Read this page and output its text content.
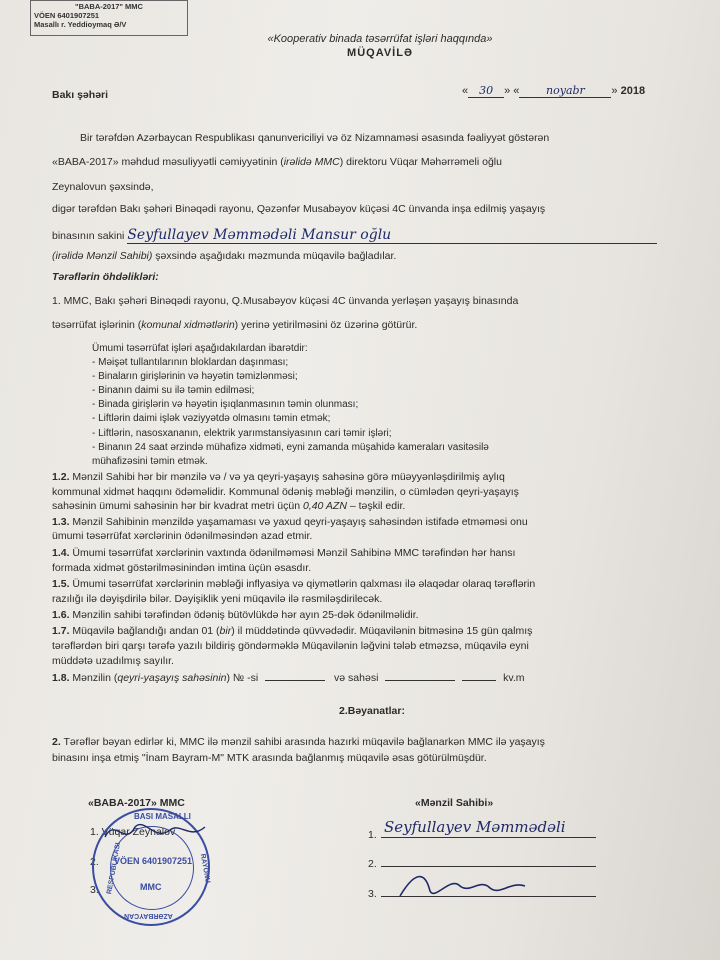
"BABA-2017" MMC
VÖEN 6401907251
Masallı r. Yeddioymaq Ə/V
«Kooperativ binada təsərrüfat işləri haqqında»
MÜQAVİLƏ
Bakı şəhəri	« 30 » « noyabr » 2018
Bir tərəfdən Azərbaycan Respublikası qanunvericiliyi və öz Nizamnaməsi əsasında fəaliyyət göstərən
«BABA-2017» məhdud məsuliyyətli cəmiyyətinin (irəlidə MMC) direktoru Vüqar Məhərrəmeli oğlu
Zeynalovun şəxsində,
digər tərəfdən Bakı şəhəri Binəqədi rayonu, Qəzənfər Musabəyov küçəsi 4C ünvanda inşa edilmiş yaşayış
binasının sakini Seyfullayev Məmmədəli Mansur oğlu
(irəlidə Mənzil Sahibi) şəxsində aşağıdakı məzmunda müqavilə bağladılar.
Tərəflərin öhdəlikləri:
1. MMC, Bakı şəhəri Binəqədi rayonu, Q.Musabəyov küçəsi 4C ünvanda yerləşən yaşayış binasında
təsərrüfat işlərinin (komunal xidmətlərin) yerinə yetirilməsini öz üzərinə götürür.
Ümumi təsərrüfat işləri aşağıdakılardan ibarətdir:
- Məişət tullantılarının bloklardan daşınması;
- Binaların girişlərinin və həyətin təmizlənməsi;
- Binanın daimi su ilə təmin edilməsi;
- Binada girişlərin və həyətin işıqlanmasının təmin olunması;
- Liftlərin daimi işlək vəziyyətdə olmasını təmin etmək;
- Liftlərin, nasosxananın, elektrik yarımstansiyasının cari təmir işləri;
- Binanın 24 saat ərzində mühafizə xidməti, eyni zamanda müşahidə kameraları vasitəsilə
mühafizəsini təmin etmək.
1.2. Mənzil Sahibi hər bir mənzilə və / və ya qeyri-yaşayış sahəsinə görə müəyyənləşdirilmiş aylıq
kommunal xidmət haqqını ödəməlidir. Kommunal ödəniş məbləği mənzilin, o cümlədən qeyri-yaşayış
sahəsinin ümumi sahəsinin hər bir kvadrat metri üçün 0,40 AZN – təşkil edir.
1.3. Mənzil Sahibinin mənzildə yaşamaması və yaxud qeyri-yaşayış sahəsindən istifadə etməməsi onu
ümumi təsərrüfat xərclərinin ödənilməsindən azad etmir.
1.4. Ümumi təsərrüfat xərclərinin vaxtında ödənilməməsi Mənzil Sahibinə MMC tərəfindən hər hansı
formada xidmət göstərilməsinindən imtina üçün əsasdır.
1.5. Ümumi təsərrüfat xərclərinin məbləği inflyasiya və qiymətlərin qalxması ilə əlaqədar olaraq tərəflərin
razılığı ilə dəyişdirilə bilər. Dəyişiklik yeni müqavilə ilə rəsmiləşdirilecək.
1.6. Mənzilin sahibi tərəfindən ödəniş bütövlükdə hər ayın 25-dək ödənilməlidir.
1.7. Müqavilə bağlandığı andan 01 (bir) il müddətində qüvvədədir. Müqavilənin bitməsinə 15 gün qalmış
tərəflərdən biri qarşı tərəfə yazılı bildiriş göndərməklə Müqavilənin ləğvini tələb etməzsə, müqavilə eyni
müddətə uzadılmış sayılır.
1.8. Mənzilin (qeyri-yaşayış sahəsinin) № -si	və sahəsi	kv.m
2.Bəyanatlar:
2. Tərəflər bəyan edirlər ki, MMC ilə mənzil sahibi arasında hazırki müqavilə bağlanarkən MMC ilə yaşayış
binasını inşa etmiş "İnam Bayram-M" MTK arasında bağlanmış müqavilə əsas götürülmüşdür.
«BABA-2017» MMC	«Mənzil Sahibi»
1. Vüqar Zeynalov
2.
3.
1.
2.
3.
Seyfullayev Məmmədəli
BASI MASALLI
RESPUBLİKASI	RAYONU
VÖEN 6401907251
MMC
AZƏRBAYCAN
